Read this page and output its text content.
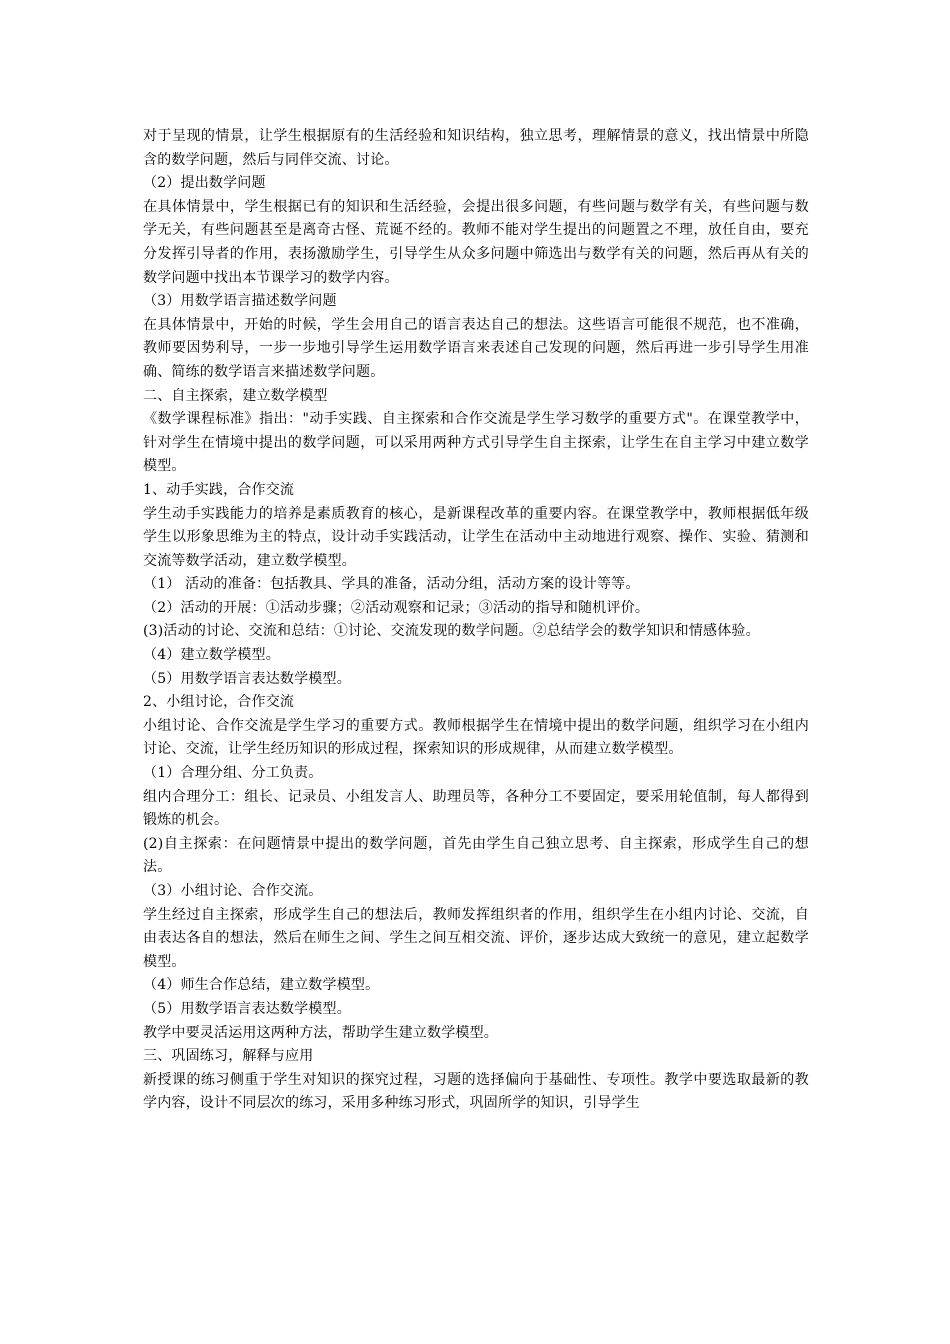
对于呈现的情景，让学生根据原有的生活经验和知识结构，独立思考，理解情景的意义，找出情景中所隐含的数学问题，然后与同伴交流、讨论。

（2）提出数学问题

在具体情景中，学生根据已有的知识和生活经验，会提出很多问题，有些问题与数学有关，有些问题与数学无关，有些问题甚至是离奇古怪、荒诞不经的。教师不能对学生提出的问题置之不理，放任自由，要充分发挥引导者的作用，表扬激励学生，引导学生从众多问题中筛选出与数学有关的问题，然后再从有关的数学问题中找出本节课学习的数学内容。

（3）用数学语言描述数学问题

在具体情景中，开始的时候，学生会用自己的语言表达自己的想法。这些语言可能很不规范，也不准确，教师要因势利导，一步一步地引导学生运用数学语言来表述自己发现的问题，然后再进一步引导学生用准确、简练的数学语言来描述数学问题。

二、自主探索，建立数学模型

《数学课程标准》指出："动手实践、自主探索和合作交流是学生学习数学的重要方式"。在课堂教学中，针对学生在情境中提出的数学问题，可以采用两种方式引导学生自主探索，让学生在自主学习中建立数学模型。

1、动手实践，合作交流

学生动手实践能力的培养是素质教育的核心，是新课程改革的重要内容。在课堂教学中，教师根据低年级学生以形象思维为主的特点，设计动手实践活动，让学生在活动中主动地进行观察、操作、实验、猜测和交流等数学活动，建立数学模型。

（1） 活动的准备：包括教具、学具的准备，活动分组，活动方案的设计等等。

（2）活动的开展：①活动步骤；②活动观察和记录；③活动的指导和随机评价。

(3)活动的讨论、交流和总结：①讨论、交流发现的数学问题。②总结学会的数学知识和情感体验。

（4）建立数学模型。

（5）用数学语言表达数学模型。

2、小组讨论，合作交流

小组讨论、合作交流是学生学习的重要方式。教师根据学生在情境中提出的数学问题，组织学习在小组内讨论、交流，让学生经历知识的形成过程，探索知识的形成规律，从而建立数学模型。

（1）合理分组、分工负责。

组内合理分工：组长、记录员、小组发言人、助理员等，各种分工不要固定，要采用轮值制，每人都得到锻炼的机会。

(2)自主探索：在问题情景中提出的数学问题，首先由学生自己独立思考、自主探索，形成学生自己的想法。

（3）小组讨论、合作交流。

学生经过自主探索，形成学生自己的想法后，教师发挥组织者的作用，组织学生在小组内讨论、交流，自由表达各自的想法，然后在师生之间、学生之间互相交流、评价，逐步达成大致统一的意见，建立起数学模型。

（4）师生合作总结，建立数学模型。

（5）用数学语言表达数学模型。

教学中要灵活运用这两种方法，帮助学生建立数学模型。

三、巩固练习，解释与应用

新授课的练习侧重于学生对知识的探究过程，习题的选择偏向于基础性、专项性。教学中要选取最新的教学内容，设计不同层次的练习，采用多种练习形式，巩固所学的知识，引导学生
